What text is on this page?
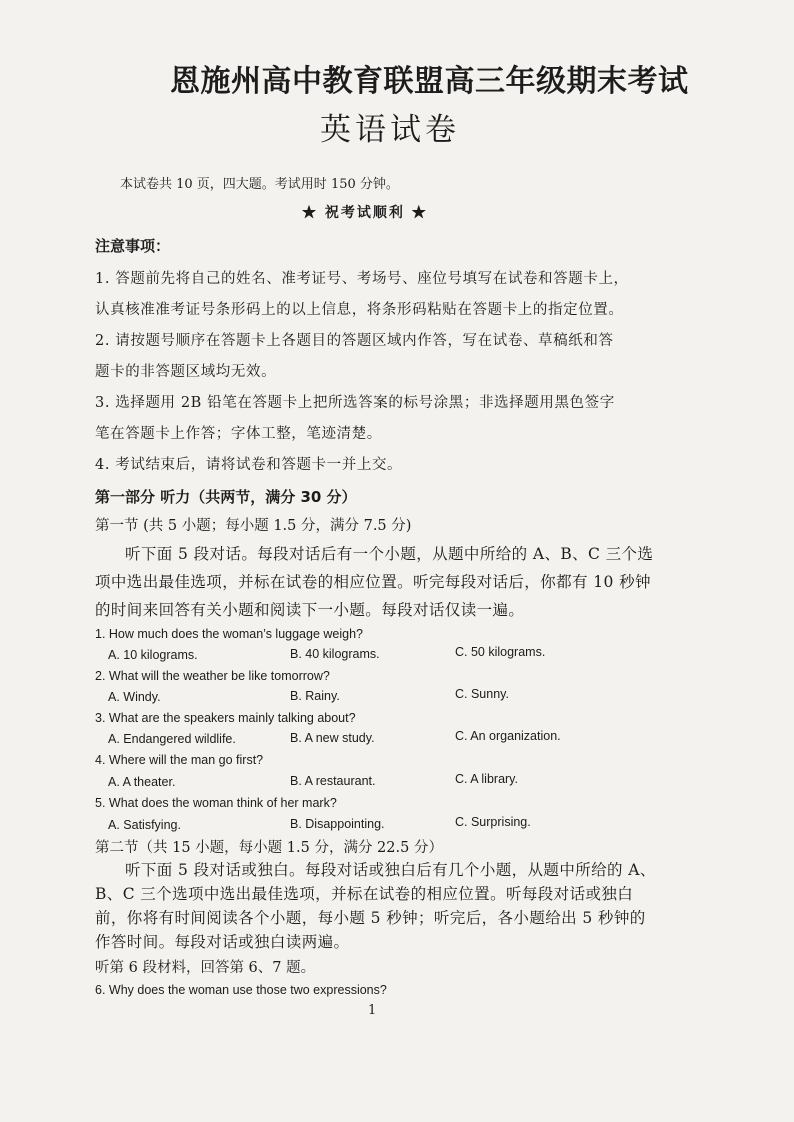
恩施州高中教育联盟高三年级期末考试
英语试卷
本试卷共 10 页，四大题。考试用时 150 分钟。
★ 祝考试顺利 ★
注意事项：
1. 答题前先将自己的姓名、准考证号、考场号、座位号填写在试卷和答题卡上，
认真核准准考证号条形码上的以上信息，将条形码粘贴在答题卡上的指定位置。
2. 请按题号顺序在答题卡上各题目的答题区域内作答，写在试卷、草稿纸和答
题卡的非答题区域均无效。
3. 选择题用 2B 铅笔在答题卡上把所选答案的标号涂黑；非选择题用黑色签字
笔在答题卡上作答；字体工整，笔迹清楚。
4. 考试结束后，请将试卷和答题卡一并上交。
第一部分 听力（共两节，满分 30 分）
第一节 (共 5 小题；每小题 1.5 分，满分 7.5 分)
听下面 5 段对话。每段对话后有一个小题，从题中所给的 A、B、C 三个选
项中选出最佳选项，并标在试卷的相应位置。听完每段对话后，你都有 10 秒钟
的时间来回答有关小题和阅读下一小题。每段对话仅读一遍。
1. How much does the woman’s luggage weigh?
A. 10 kilograms.	B. 40 kilograms.	C. 50 kilograms.
2. What will the weather be like tomorrow?
A. Windy.	B. Rainy.	C. Sunny.
3. What are the speakers mainly talking about?
A. Endangered wildlife.	B. A new study.	C. An organization.
4. Where will the man go first?
A. A theater.	B. A restaurant.	C. A library.
5. What does the woman think of her mark?
A. Satisfying.	B. Disappointing.	C. Surprising.
第二节（共 15 小题，每小题 1.5 分，满分 22.5 分）
听下面 5 段对话或独白。每段对话或独白后有几个小题，从题中所给的 A、
B、C 三个选项中选出最佳选项，并标在试卷的相应位置。听每段对话或独白
前，你将有时间阅读各个小题，每小题 5 秒钟；听完后，各小题给出 5 秒钟的
作答时间。每段对话或独白读两遍。
听第 6 段材料，回答第 6、7 题。
6. Why does the woman use those two expressions?
1
